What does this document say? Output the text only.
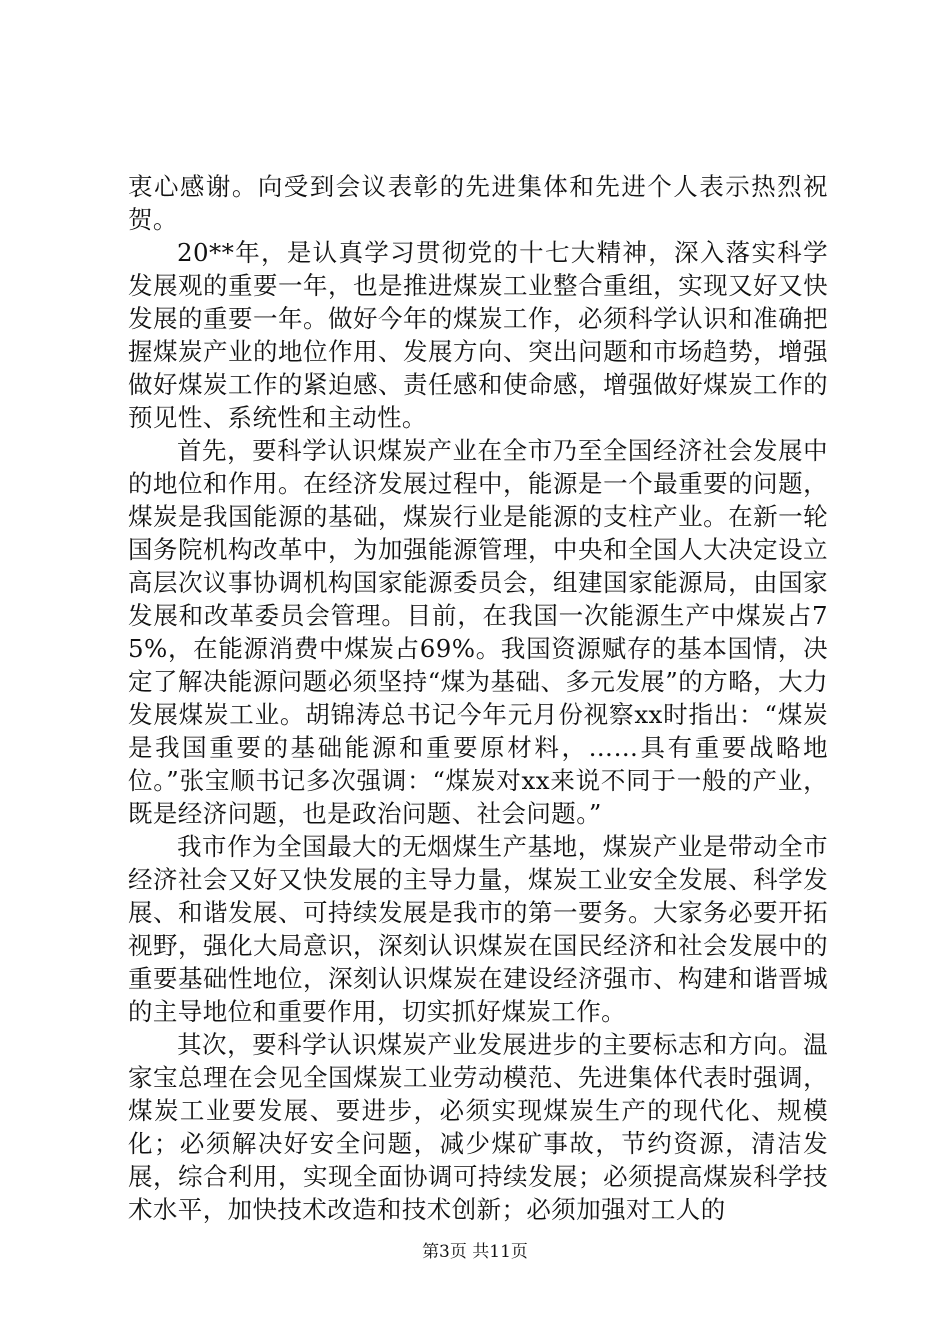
衷心感谢。向受到会议表彰的先进集体和先进个人表示热烈祝贺。

20**年，是认真学习贯彻党的十七大精神，深入落实科学发展观的重要一年，也是推进煤炭工业整合重组，实现又好又快发展的重要一年。做好今年的煤炭工作，必须科学认识和准确把握煤炭产业的地位作用、发展方向、突出问题和市场趋势，增强做好煤炭工作的紧迫感、责任感和使命感，增强做好煤炭工作的预见性、系统性和主动性。

首先，要科学认识煤炭产业在全市乃至全国经济社会发展中的地位和作用。在经济发展过程中，能源是一个最重要的问题，煤炭是我国能源的基础，煤炭行业是能源的支柱产业。在新一轮国务院机构改革中，为加强能源管理，中央和全国人大决定设立高层次议事协调机构国家能源委员会，组建国家能源局，由国家发展和改革委员会管理。目前，在我国一次能源生产中煤炭占75%，在能源消费中煤炭占69%。我国资源赋存的基本国情，决定了解决能源问题必须坚持“煤为基础、多元发展”的方略，大力发展煤炭工业。胡锦涛总书记今年元月份视察xx时指出：“煤炭是我国重要的基础能源和重要原材料，……具有重要战略地位。”张宝顺书记多次强调：“煤炭对xx来说不同于一般的产业，既是经济问题，也是政治问题、社会问题。”

我市作为全国最大的无烟煤生产基地，煤炭产业是带动全市经济社会又好又快发展的主导力量，煤炭工业安全发展、科学发展、和谐发展、可持续发展是我市的第一要务。大家务必要开拓视野，强化大局意识，深刻认识煤炭在国民经济和社会发展中的重要基础性地位，深刻认识煤炭在建设经济强市、构建和谐晋城的主导地位和重要作用，切实抓好煤炭工作。

其次，要科学认识煤炭产业发展进步的主要标志和方向。温家宝总理在会见全国煤炭工业劳动模范、先进集体代表时强调，煤炭工业要发展、要进步，必须实现煤炭生产的现代化、规模化；必须解决好安全问题，减少煤矿事故，节约资源，清洁发展，综合利用，实现全面协调可持续发展；必须提高煤炭科学技术水平，加快技术改造和技术创新；必须加强对工人的

第3页 共11页
